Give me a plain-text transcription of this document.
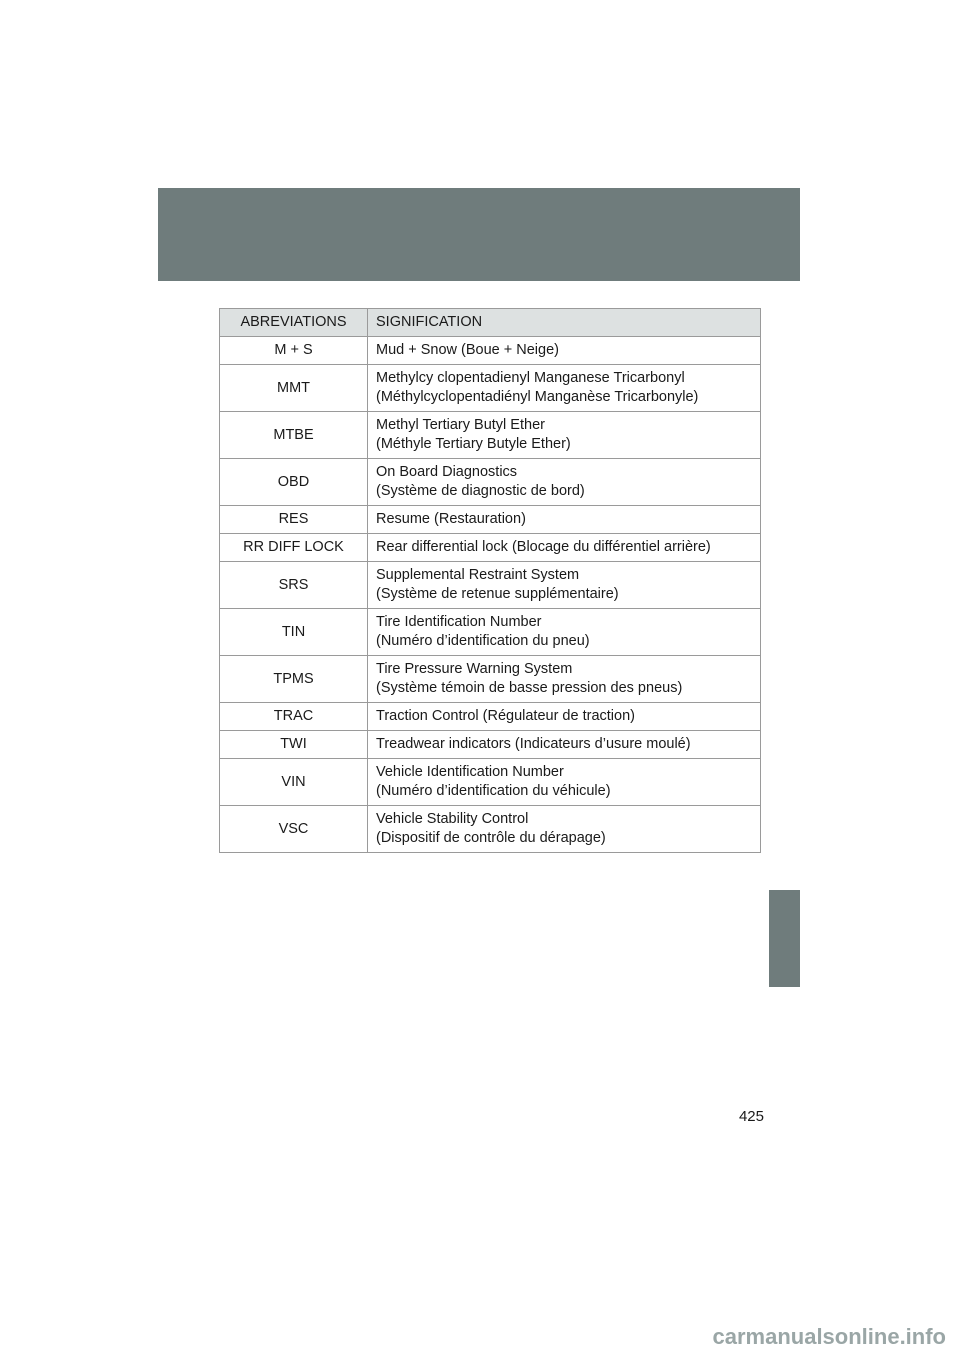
ABREVIATIONS	SIGNIFICATION
M + S	Mud + Snow (Boue + Neige)

MMT	Methylcy clopentadienyl Manganese Tricarbonyl
(Méthylcyclopentadiényl Manganèse Tricarbonyle)

MTBE	Methyl Tertiary Butyl Ether
(Méthyle Tertiary Butyle Ether)

OBD	On Board Diagnostics
(Système de diagnostic de bord)

RES	Resume (Restauration)

RR DIFF LOCK	Rear differential lock (Blocage du différentiel arrière)

SRS	Supplemental Restraint System
(Système de retenue supplémentaire)

TIN	Tire Identification Number
(Numéro d’identification du pneu)

TPMS	Tire Pressure Warning System
(Système témoin de basse pression des pneus)

TRAC	Traction Control (Régulateur de traction)

TWI	Treadwear indicators (Indicateurs d’usure moulé)

VIN	Vehicle Identification Number
(Numéro d’identification du véhicule)

VSC	Vehicle Stability Control
(Dispositif de contrôle du dérapage)
425
carmanualsonline.info
